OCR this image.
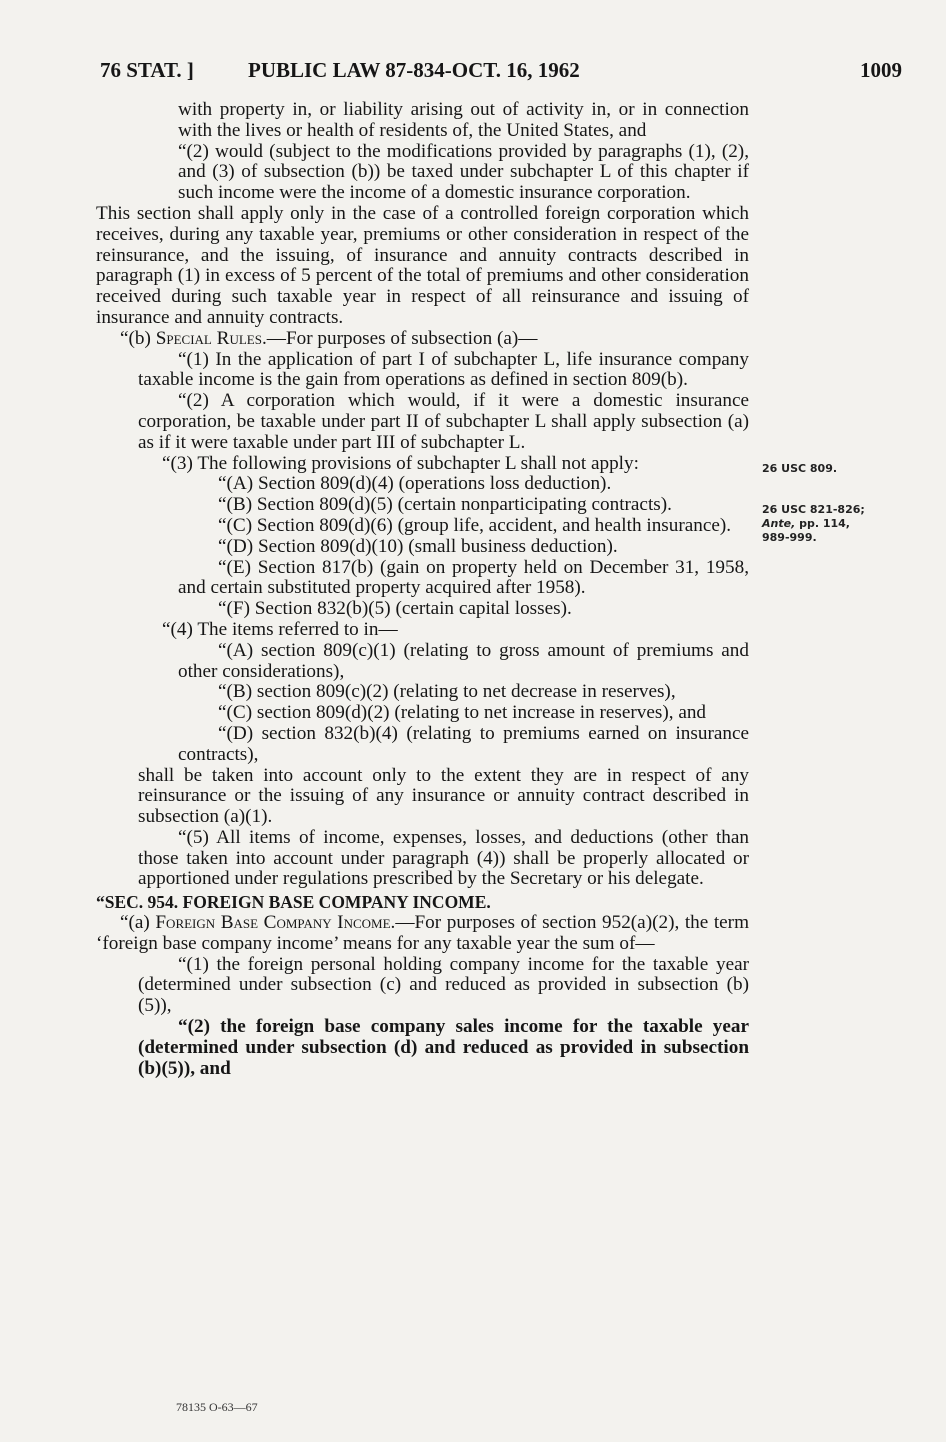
76 STAT. ]	PUBLIC LAW 87-834-OCT. 16, 1962	1009

with property in, or liability arising out of activity in, or in connection with the lives or health of residents of, the United States, and

“(2) would (subject to the modifications provided by paragraphs (1), (2), and (3) of subsection (b)) be taxed under subchapter L of this chapter if such income were the income of a domestic insurance corporation.

This section shall apply only in the case of a controlled foreign corporation which receives, during any taxable year, premiums or other consideration in respect of the reinsurance, and the issuing, of insurance and annuity contracts described in paragraph (1) in excess of 5 percent of the total of premiums and other consideration received during such taxable year in respect of all reinsurance and issuing of insurance and annuity contracts.

“(b) Special Rules.—For purposes of subsection (a)—

“(1) In the application of part I of subchapter L, life insurance company taxable income is the gain from operations as defined in section 809(b).

“(2) A corporation which would, if it were a domestic insurance corporation, be taxable under part II of subchapter L shall apply subsection (a) as if it were taxable under part III of subchapter L.

“(3) The following provisions of subchapter L shall not apply:

“(A) Section 809(d)(4) (operations loss deduction).

“(B) Section 809(d)(5) (certain nonparticipating contracts).

“(C) Section 809(d)(6) (group life, accident, and health insurance).

“(D) Section 809(d)(10) (small business deduction).

“(E) Section 817(b) (gain on property held on December 31, 1958, and certain substituted property acquired after 1958).

“(F) Section 832(b)(5) (certain capital losses).

“(4) The items referred to in—

“(A) section 809(c)(1) (relating to gross amount of premiums and other considerations),

“(B) section 809(c)(2) (relating to net decrease in reserves),

“(C) section 809(d)(2) (relating to net increase in reserves), and

“(D) section 832(b)(4) (relating to premiums earned on insurance contracts),

shall be taken into account only to the extent they are in respect of any reinsurance or the issuing of any insurance or annuity contract described in subsection (a)(1).

“(5) All items of income, expenses, losses, and deductions (other than those taken into account under paragraph (4)) shall be properly allocated or apportioned under regulations prescribed by the Secretary or his delegate.

“SEC. 954. FOREIGN BASE COMPANY INCOME.

“(a) Foreign Base Company Income.—For purposes of section 952(a)(2), the term ‘foreign base company income’ means for any taxable year the sum of—

“(1) the foreign personal holding company income for the taxable year (determined under subsection (c) and reduced as provided in subsection (b)(5)),

“(2) the foreign base company sales income for the taxable year (determined under subsection (d) and reduced as provided in subsection (b)(5)), and

26 USC 809.
26 USC 821-826;
Ante, pp. 114,
989-999.
78135 O-63—67
